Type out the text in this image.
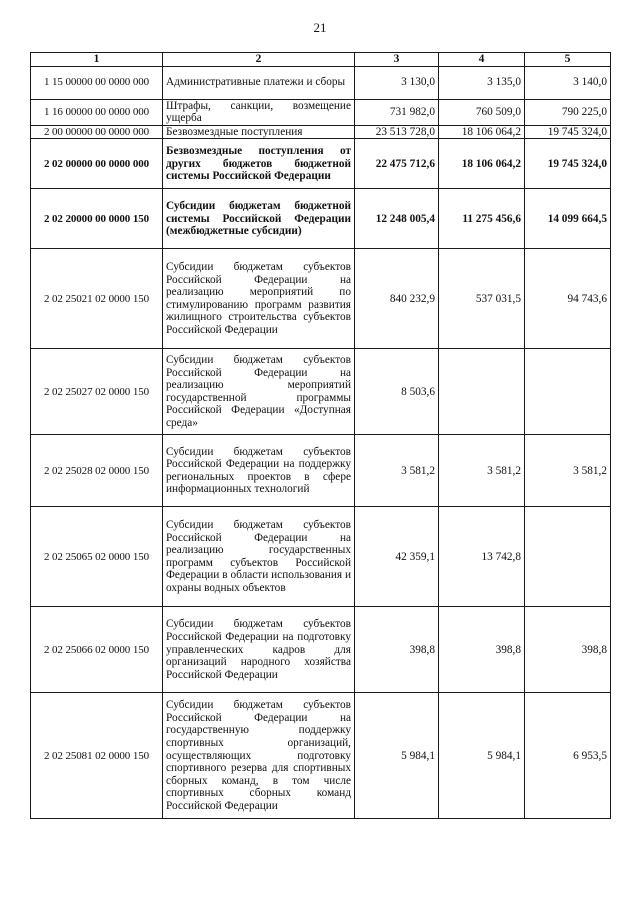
21
1	2	3	4	5
1 15 00000 00 0000 000	Административные платежи и сборы	3 130,0	3 135,0	3 140,0
1 16 00000 00 0000 000	Штрафы, санкции, возмещение ущерба	731 982,0	760 509,0	790 225,0
2 00 00000 00 0000 000	Безвозмездные поступления	23 513 728,0	18 106 064,2	19 745 324,0
2 02 00000 00 0000 000	Безвозмездные поступления от других бюджетов бюджетной системы Российской Федерации	22 475 712,6	18 106 064,2	19 745 324,0
2 02 20000 00 0000 150	Субсидии бюджетам бюджетной системы Российской Федерации (межбюджетные субсидии)	12 248 005,4	11 275 456,6	14 099 664,5
2 02 25021 02 0000 150	Субсидии бюджетам субъектов Российской Федерации на реализацию мероприятий по стимулированию программ развития жилищного строительства субъектов Российской Федерации	840 232,9	537 031,5	94 743,6
2 02 25027 02 0000 150	Субсидии бюджетам субъектов Российской Федерации на реализацию мероприятий государственной программы Российской Федерации «Доступная среда»	8 503,6		
2 02 25028 02 0000 150	Субсидии бюджетам субъектов Российской Федерации на поддержку региональных проектов в сфере информационных технологий	3 581,2	3 581,2	3 581,2
2 02 25065 02 0000 150	Субсидии бюджетам субъектов Российской Федерации на реализацию государственных программ субъектов Российской Федерации в области использования и охраны водных объектов	42 359,1	13 742,8	
2 02 25066 02 0000 150	Субсидии бюджетам субъектов Российской Федерации на подготовку управленческих кадров для организаций народного хозяйства Российской Федерации	398,8	398,8	398,8
2 02 25081 02 0000 150	Субсидии бюджетам субъектов Российской Федерации на государственную поддержку спортивных организаций, осуществляющих подготовку спортивного резерва для спортивных сборных команд, в том числе спортивных сборных команд Российской Федерации	5 984,1	5 984,1	6 953,5
